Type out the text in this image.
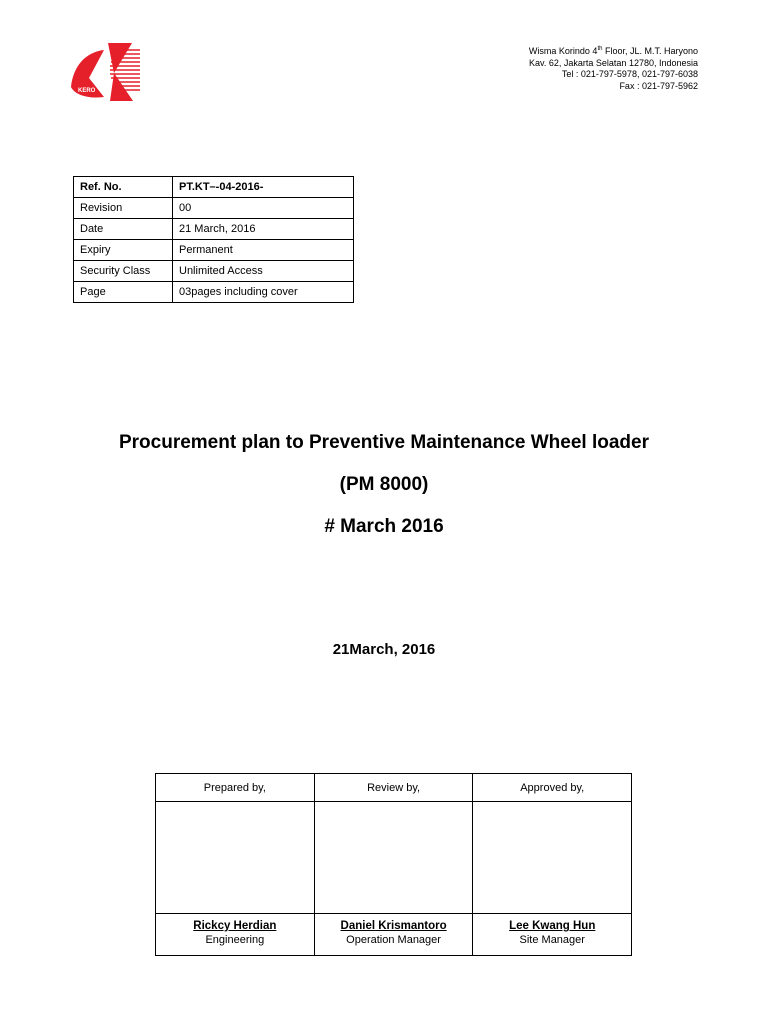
KERO
Wisma Korindo 4th Floor, JL. M.T. Haryono
Kav. 62, Jakarta Selatan 12780, Indonesia
Tel : 021-797-5978, 021-797-6038
Fax : 021-797-5962
Ref. No.	PT.KT–-04-2016-
Revision	00
Date	21 March, 2016
Expiry	Permanent
Security Class	Unlimited Access
Page	03pages including cover

Procurement plan to Preventive Maintenance Wheel loader

(PM 8000)

# March 2016

21March, 2016
Prepared by,	Review by,	Approved by,

Rickcy Herdian	Daniel Krismantoro	Lee Kwang Hun
Engineering	Operation Manager	Site Manager
